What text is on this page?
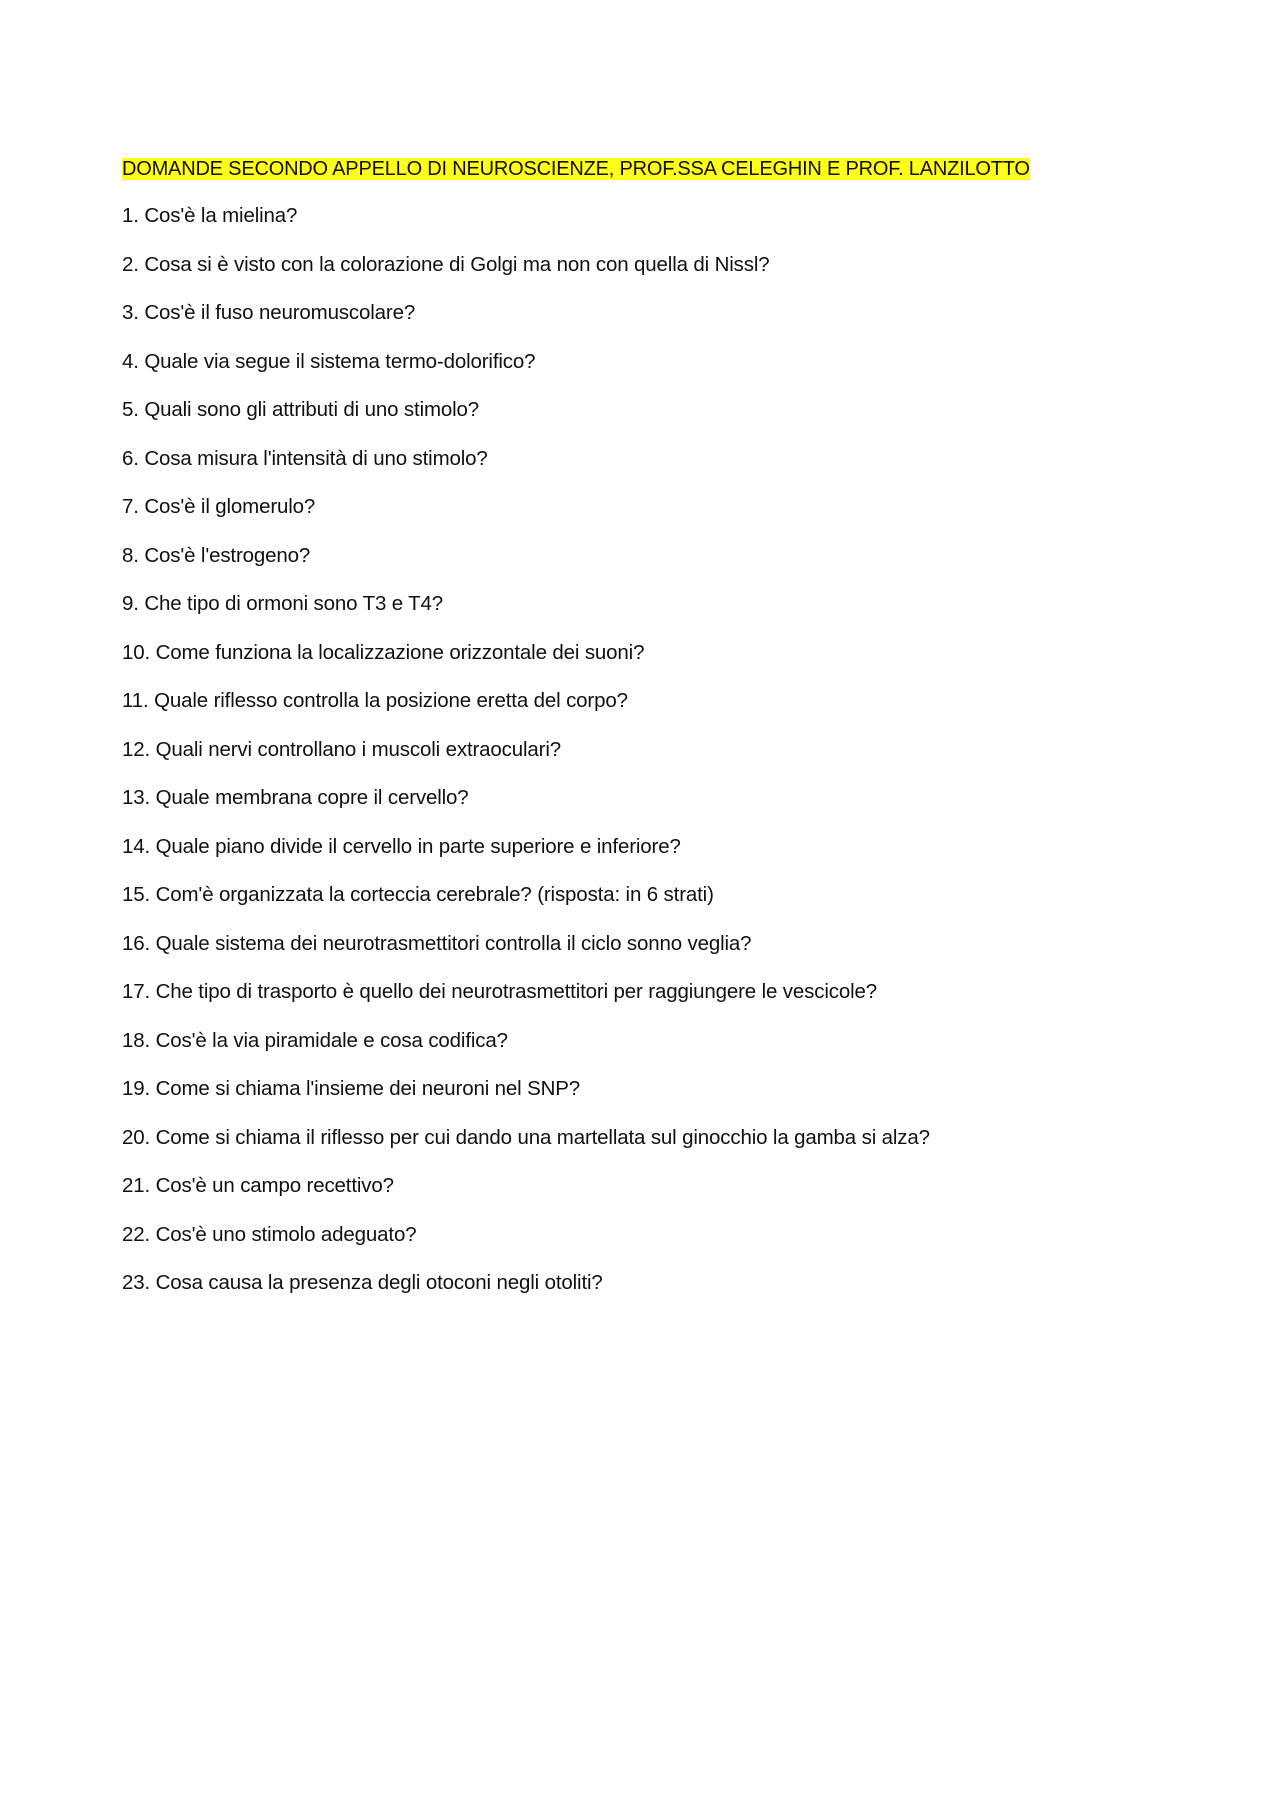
DOMANDE SECONDO APPELLO DI NEUROSCIENZE, PROF.SSA CELEGHIN E PROF. LANZILOTTO
1. Cos'è la mielina?
2. Cosa si è visto con la colorazione di Golgi ma non con quella di Nissl?
3. Cos'è il fuso neuromuscolare?
4. Quale via segue il sistema termo-dolorifico?
5. Quali sono gli attributi di uno stimolo?
6. Cosa misura l'intensità di uno stimolo?
7. Cos'è il glomerulo?
8. Cos'è l'estrogeno?
9. Che tipo di ormoni sono T3 e T4?
10. Come funziona la localizzazione orizzontale dei suoni?
11. Quale riflesso controlla la posizione eretta del corpo?
12. Quali nervi controllano i muscoli extraoculari?
13. Quale membrana copre il cervello?
14. Quale piano divide il cervello in parte superiore e inferiore?
15. Com'è organizzata la corteccia cerebrale? (risposta: in 6 strati)
16. Quale sistema dei neurotrasmettitori controlla il ciclo sonno veglia?
17. Che tipo di trasporto è quello dei neurotrasmettitori per raggiungere le vescicole?
18. Cos'è la via piramidale e cosa codifica?
19. Come si chiama l'insieme dei neuroni nel SNP?
20. Come si chiama il riflesso per cui dando una martellata sul ginocchio la gamba si alza?
21. Cos'è un campo recettivo?
22. Cos'è uno stimolo adeguato?
23. Cosa causa la presenza degli otoconi negli otoliti?
